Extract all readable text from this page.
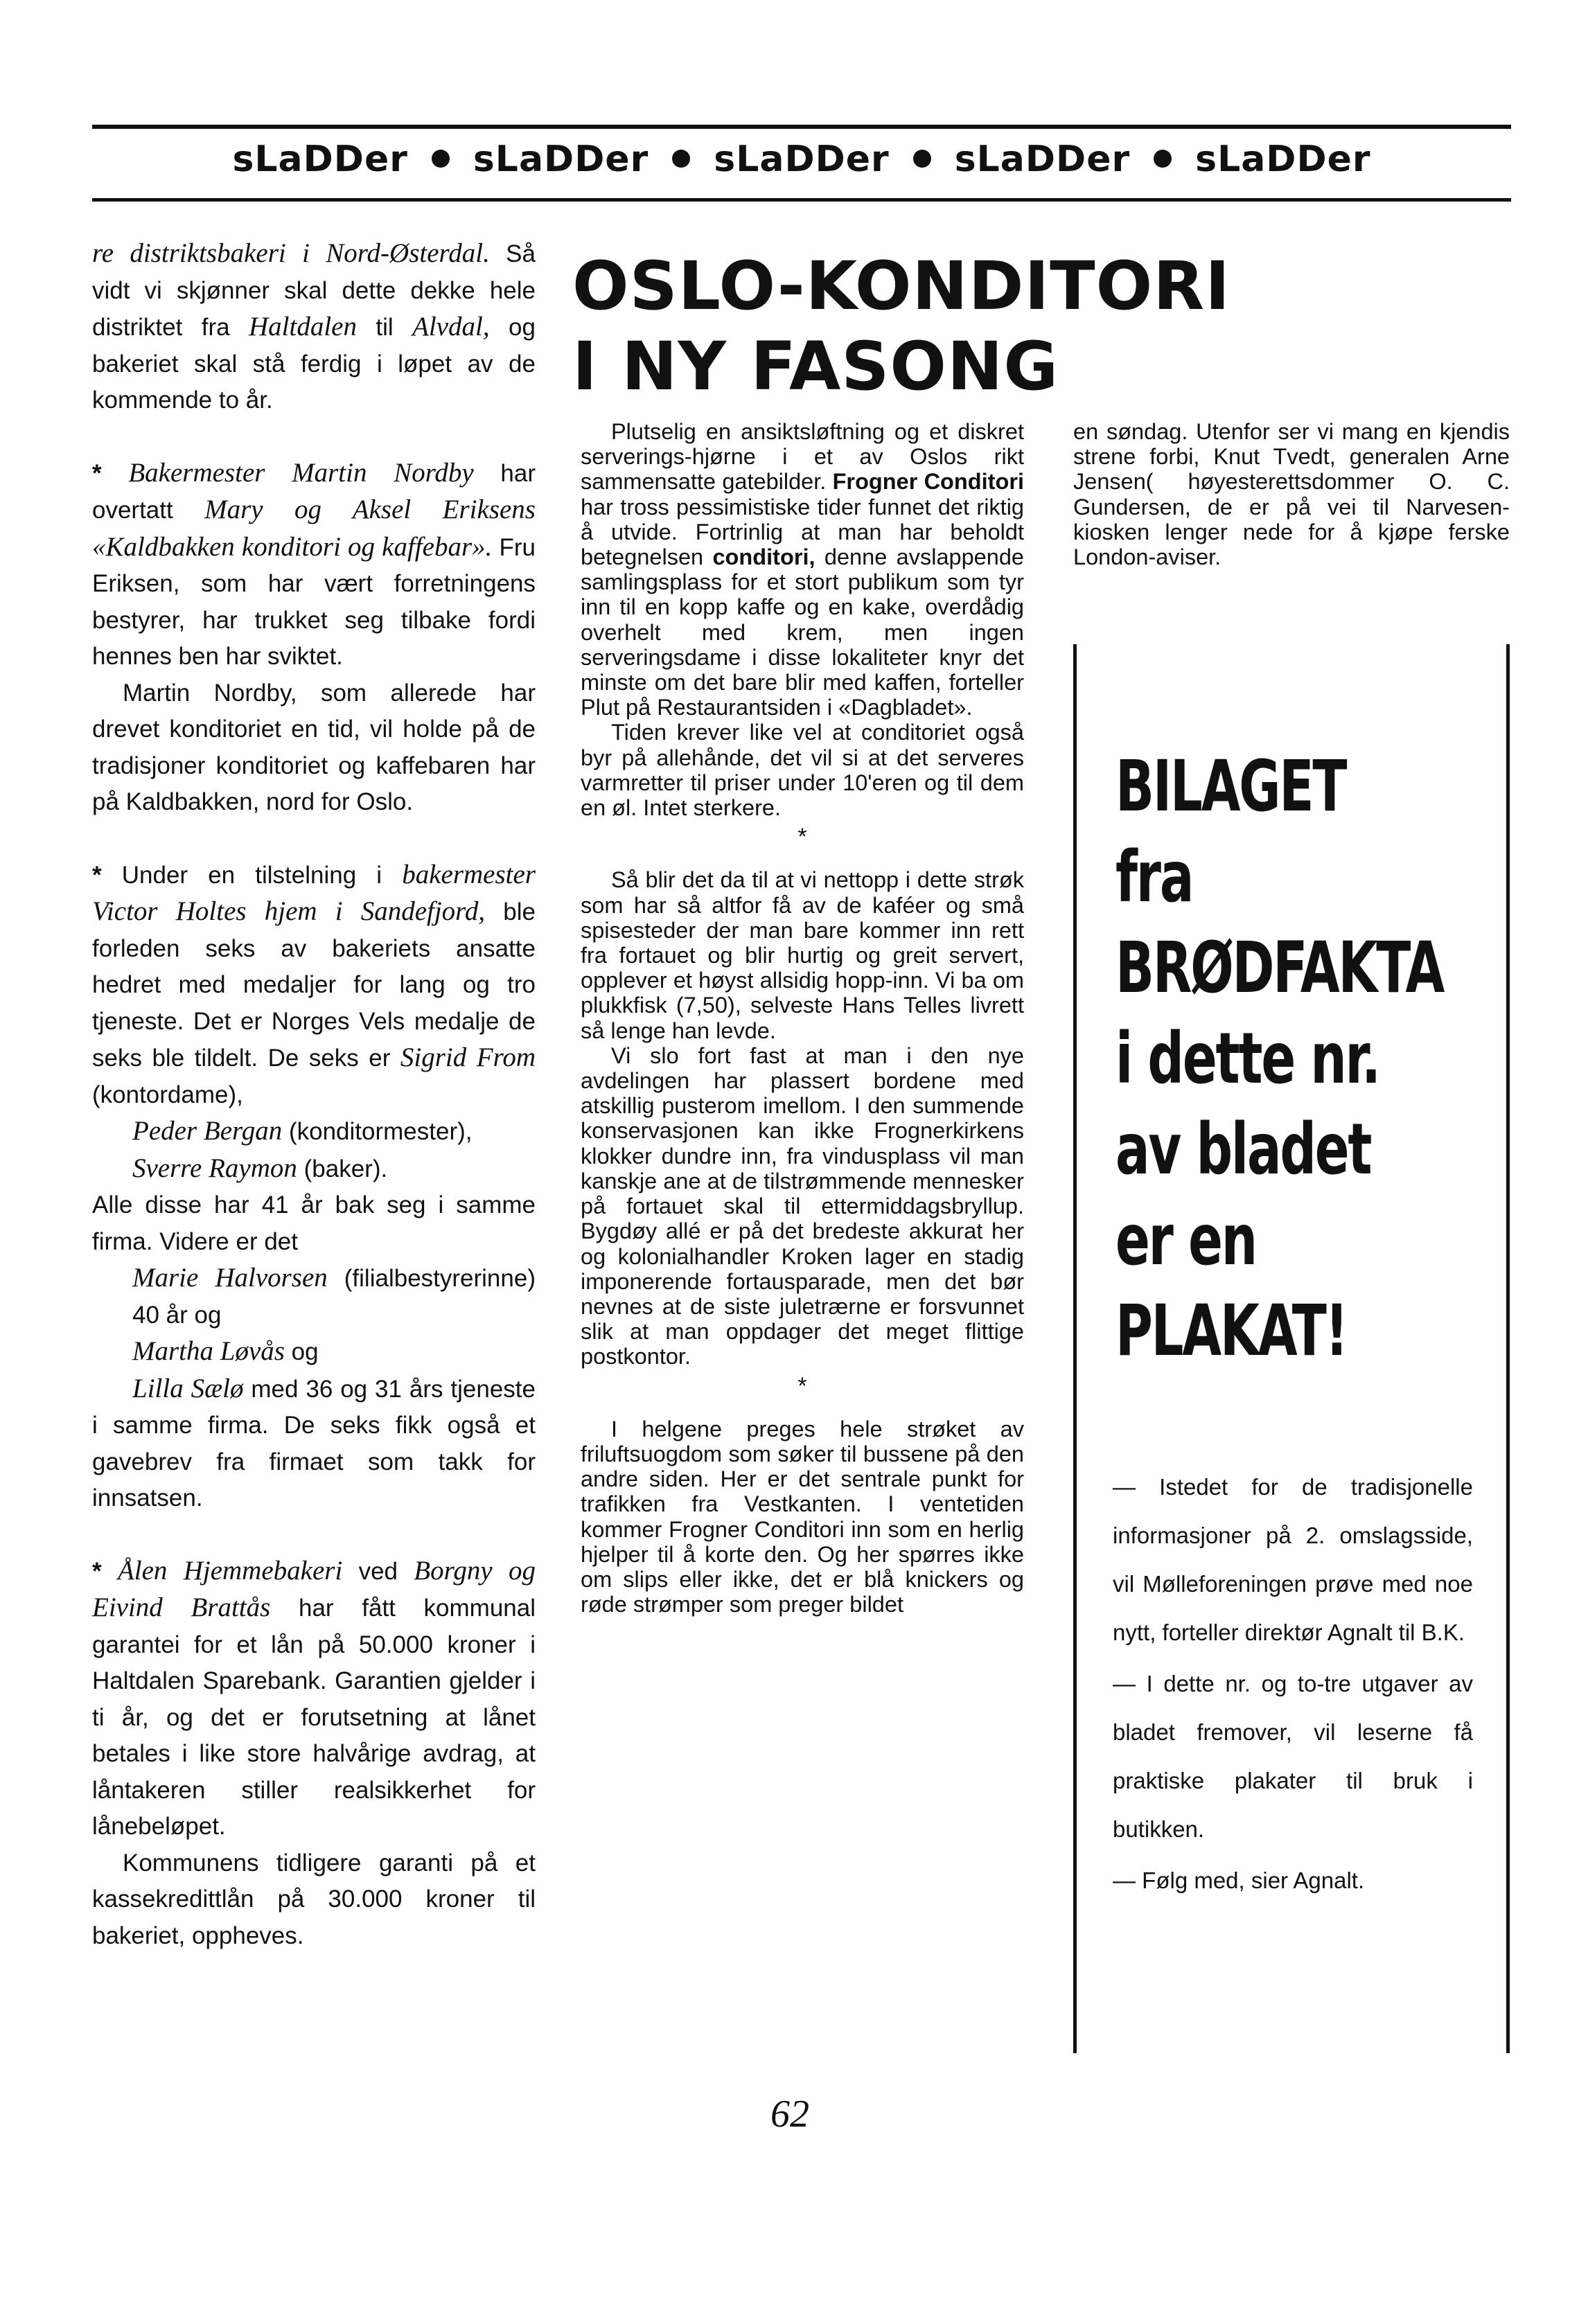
sLaDDer sLaDDer sLaDDer sLaDDer sLaDDer

re distriktsbakeri i Nord-Østerdal. Så vidt vi skjønner skal dette dekke hele distriktet fra Haltdalen til Alvdal, og bakeriet skal stå ferdig i løpet av de kommende to år.

* Bakermester Martin Nordby har overtatt Mary og Aksel Eriksens «Kaldbakken konditori og kaffebar». Fru Eriksen, som har vært forretningens bestyrer, har trukket seg tilbake fordi hennes ben har sviktet.

Martin Nordby, som allerede har drevet konditoriet en tid, vil holde på de tradisjoner konditoriet og kaffebaren har på Kaldbakken, nord for Oslo.

* Under en tilstelning i bakermester Victor Holtes hjem i Sandefjord, ble forleden seks av bakeriets ansatte hedret med medaljer for lang og tro tjeneste. Det er Norges Vels medalje de seks ble tildelt. De seks er Sigrid From (kontordame),

Peder Bergan (konditormester),

Sverre Raymon (baker).

Alle disse har 41 år bak seg i samme firma. Videre er det

Marie Halvorsen (filialbestyrerinne) 40 år og

Martha Løvås og

Lilla Sælø med 36 og 31 års tjeneste i samme firma. De seks fikk også et gavebrev fra firmaet som takk for innsatsen.

* Ålen Hjemmebakeri ved Borgny og Eivind Brattås har fått kommunal garantei for et lån på 50.000 kroner i Haltdalen Sparebank. Garantien gjelder i ti år, og det er forutsetning at lånet betales i like store halvårige avdrag, at låntakeren stiller realsikkerhet for lånebeløpet.

Kommunens tidligere garanti på et kassekredittlån på 30.000 kroner til bakeriet, oppheves.

OSLO-KONDITORI
I NY FASONG

Plutselig en ansiktsløftning og et diskret serverings-hjørne i et av Oslos rikt sammensatte gatebilder. Frogner Conditori har tross pessimistiske tider funnet det riktig å utvide. Fortrinlig at man har beholdt betegnelsen conditori, denne avslappende samlingsplass for et stort publikum som tyr inn til en kopp kaffe og en kake, overdådig overhelt med krem, men ingen serveringsdame i disse lokaliteter knyr det minste om det bare blir med kaffen, forteller Plut på Restaurantsiden i «Dagbladet».

Tiden krever like vel at conditoriet også byr på allehånde, det vil si at det serveres varmretter til priser under 10'eren og til dem en øl. Intet sterkere.

*

Så blir det da til at vi nettopp i dette strøk som har så altfor få av de kaféer og små spisesteder der man bare kommer inn rett fra fortauet og blir hurtig og greit servert, opplever et høyst allsidig hopp-inn. Vi ba om plukkfisk (7,50), selveste Hans Telles livrett så lenge han levde.

Vi slo fort fast at man i den nye avdelingen har plassert bordene med atskillig pusterom imellom. I den summende konservasjonen kan ikke Frognerkirkens klokker dundre inn, fra vindusplass vil man kanskje ane at de tilstrømmende mennesker på fortauet skal til ettermiddagsbryllup. Bygdøy allé er på det bredeste akkurat her og kolonialhandler Kroken lager en stadig imponerende fortausparade, men det bør nevnes at de siste juletrærne er forsvunnet slik at man oppdager det meget flittige postkontor.

*

I helgene preges hele strøket av friluftsuogdom som søker til bussene på den andre siden. Her er det sentrale punkt for trafikken fra Vestkanten. I ventetiden kommer Frogner Conditori inn som en herlig hjelper til å korte den. Og her spørres ikke om slips eller ikke, det er blå knickers og røde strømper som preger bildet

en søndag. Utenfor ser vi mang en kjendis strene forbi, Knut Tvedt, generalen Arne Jensen( høyesterettsdommer O. C. Gundersen, de er på vei til Narvesen-kiosken lenger nede for å kjøpe ferske London-aviser.

BILAGET
fra
BRØDFAKTA
i dette nr.
av bladet
er en
PLAKAT!

— Istedet for de tradisjonelle informasjoner på 2. omslagsside, vil Mølleforeningen prøve med noe nytt, forteller direktør Agnalt til B.K.

— I dette nr. og to-tre utgaver av bladet fremover, vil leserne få praktiske plakater til bruk i butikken.

— Følg med, sier Agnalt.

62
